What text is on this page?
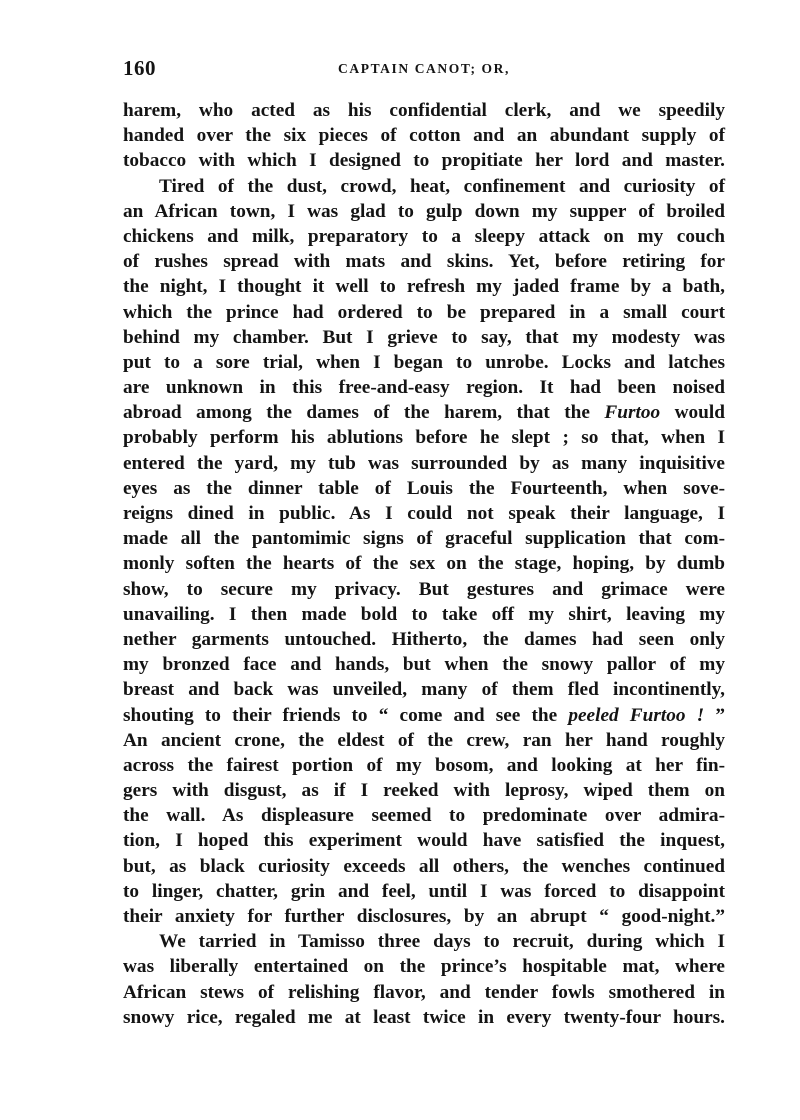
160	CAPTAIN CANOT; OR,
harem, who acted as his confidential clerk, and we speedily
handed over the six pieces of cotton and an abundant supply of
tobacco with which I designed to propitiate her lord and master.
Tired of the dust, crowd, heat, confinement and curiosity of
an African town, I was glad to gulp down my supper of broiled
chickens and milk, preparatory to a sleepy attack on my couch
of rushes spread with mats and skins. Yet, before retiring for
the night, I thought it well to refresh my jaded frame by a bath,
which the prince had ordered to be prepared in a small court
behind my chamber. But I grieve to say, that my modesty was
put to a sore trial, when I began to unrobe. Locks and latches
are unknown in this free-and-easy region. It had been noised
abroad among the dames of the harem, that the Furtoo would
probably perform his ablutions before he slept ; so that, when I
entered the yard, my tub was surrounded by as many inquisitive
eyes as the dinner table of Louis the Fourteenth, when sove-
reigns dined in public. As I could not speak their language, I
made all the pantomimic signs of graceful supplication that com-
monly soften the hearts of the sex on the stage, hoping, by dumb
show, to secure my privacy. But gestures and grimace were
unavailing. I then made bold to take off my shirt, leaving my
nether garments untouched. Hitherto, the dames had seen only
my bronzed face and hands, but when the snowy pallor of my
breast and back was unveiled, many of them fled incontinently,
shouting to their friends to “ come and see the peeled Furtoo ! ”
An ancient crone, the eldest of the crew, ran her hand roughly
across the fairest portion of my bosom, and looking at her fin-
gers with disgust, as if I reeked with leprosy, wiped them on
the wall. As displeasure seemed to predominate over admira-
tion, I hoped this experiment would have satisfied the inquest,
but, as black curiosity exceeds all others, the wenches continued
to linger, chatter, grin and feel, until I was forced to disappoint
their anxiety for further disclosures, by an abrupt “ good-night.”
We tarried in Tamisso three days to recruit, during which I
was liberally entertained on the prince’s hospitable mat, where
African stews of relishing flavor, and tender fowls smothered in
snowy rice, regaled me at least twice in every twenty-four hours.
